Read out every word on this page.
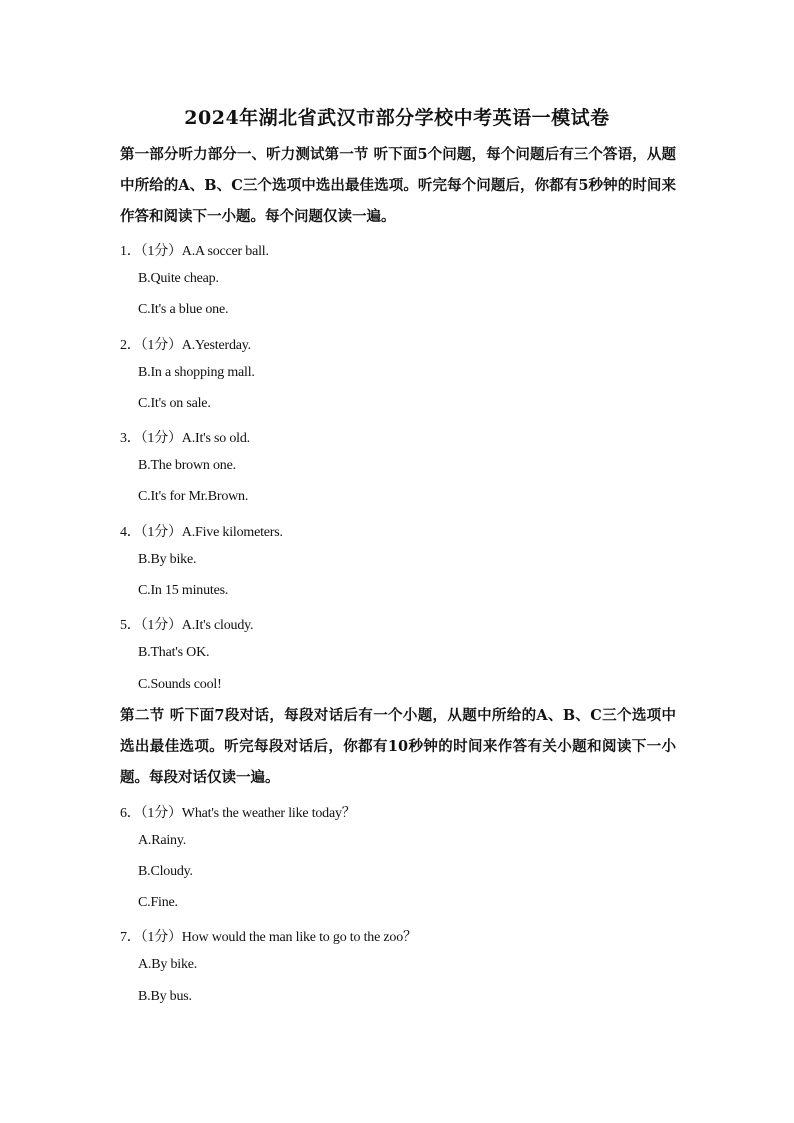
2024年湖北省武汉市部分学校中考英语一模试卷
第一部分听力部分一、听力测试第一节 听下面5个问题，每个问题后有三个答语，从题中所给的A、B、C三个选项中选出最佳选项。听完每个问题后，你都有5秒钟的时间来作答和阅读下一小题。每个问题仅读一遍。
1．（1分）A.A soccer ball.
B.Quite cheap.
C.It's a blue one.
2．（1分）A.Yesterday.
B.In a shopping mall.
C.It's on sale.
3．（1分）A.It's so old.
B.The brown one.
C.It's for Mr.Brown.
4．（1分）A.Five kilometers.
B.By bike.
C.In 15 minutes.
5．（1分）A.It's cloudy.
B.That's OK.
C.Sounds cool!
第二节 听下面7段对话，每段对话后有一个小题，从题中所给的A、B、C三个选项中选出最佳选项。听完每段对话后，你都有10秒钟的时间来作答有关小题和阅读下一小题。每段对话仅读一遍。
6．（1分）What's the weather like today？
A.Rainy.
B.Cloudy.
C.Fine.
7．（1分）How would the man like to go to the zoo？
A.By bike.
B.By bus.
